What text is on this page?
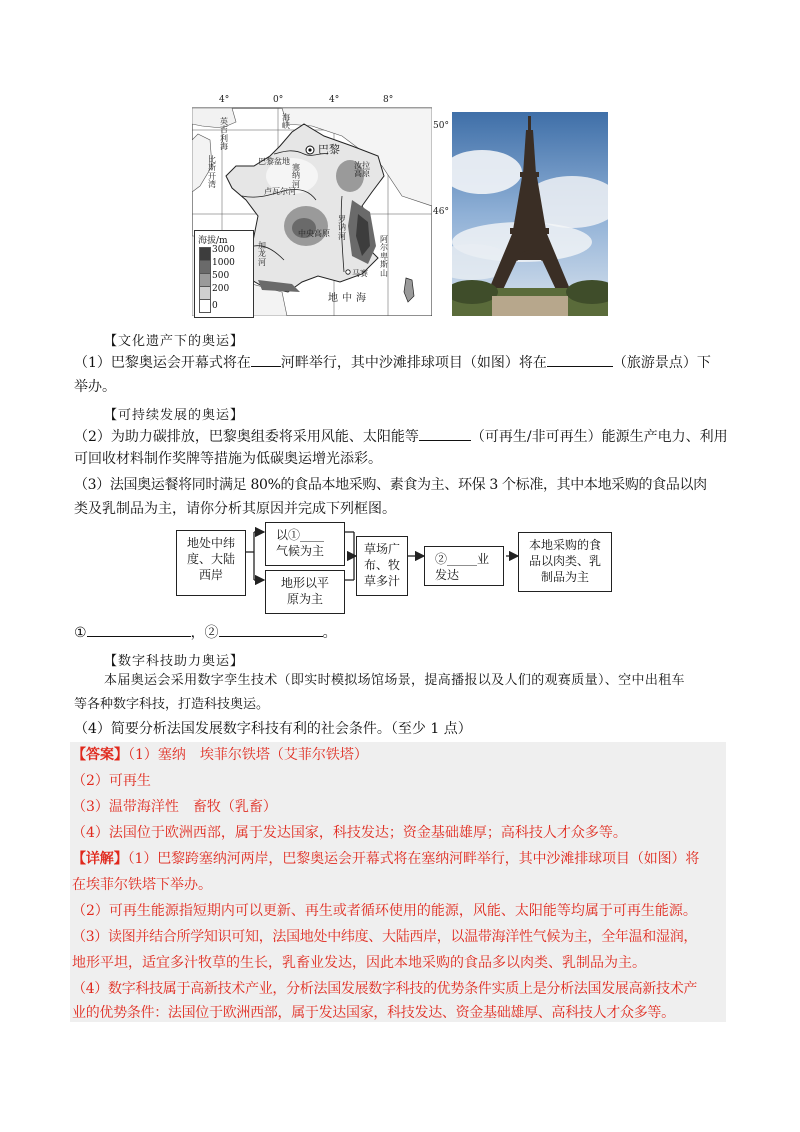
4°	0°	4°	8°
50°
46°
巴黎
巴黎盆地
卢瓦尔河
阿尔卑斯山
汝拉高原
中央高原
马赛
地中海
塞纳河
海峡
英吉利海
比斯开湾
加龙河
罗讷河
海拔/m
3000
1000
500
200
0
【文化遗产下的奥运】
（1）巴黎奥运会开幕式将在 河畔举行，其中沙滩排球项目（如图）将在	（旅游景点）下
举办。
【可持续发展的奥运】
（2）为助力碳排放，巴黎奥组委将采用风能、太阳能等	（可再生/非可再生）能源生产电力、利用
可回收材料制作奖牌等措施为低碳奥运增光添彩。
（3）法国奥运餐将同时满足 80%的食品本地采购、素食为主、环保 3 个标准，其中本地采购的食品以肉
类及乳制品为主，请你分析其原因并完成下列框图。
地处中纬
度、大陆
西岸
以①____
气候为主
地形以平
原为主
草场广
布、牧
草多汁
②_____业
发达
本地采购的食
品以肉类、乳
制品为主
①	，②	。
【数字科技助力奥运】
本届奥运会采用数字孪生技术（即实时模拟场馆场景，提高播报以及人们的观赛质量）、空中出租车
等各种数字科技，打造科技奥运。
（4）简要分析法国发展数字科技有利的社会条件。（至少 1 点）
【答案】（1）塞纳　埃菲尔铁塔（艾菲尔铁塔）
（2）可再生
（3）温带海洋性　畜牧（乳畜）
（4）法国位于欧洲西部，属于发达国家，科技发达；资金基础雄厚；高科技人才众多等。
【详解】（1）巴黎跨塞纳河两岸，巴黎奥运会开幕式将在塞纳河畔举行，其中沙滩排球项目（如图）将
在埃菲尔铁塔下举办。
（2）可再生能源指短期内可以更新、再生或者循环使用的能源，风能、太阳能等均属于可再生能源。
（3）读图并结合所学知识可知，法国地处中纬度、大陆西岸，以温带海洋性气候为主，全年温和湿润，
地形平坦，适宜多汁牧草的生长，乳畜业发达，因此本地采购的食品多以肉类、乳制品为主。
（4）数字科技属于高新技术产业，分析法国发展数字科技的优势条件实质上是分析法国发展高新技术产
业的优势条件：法国位于欧洲西部，属于发达国家，科技发达、资金基础雄厚、高科技人才众多等。
